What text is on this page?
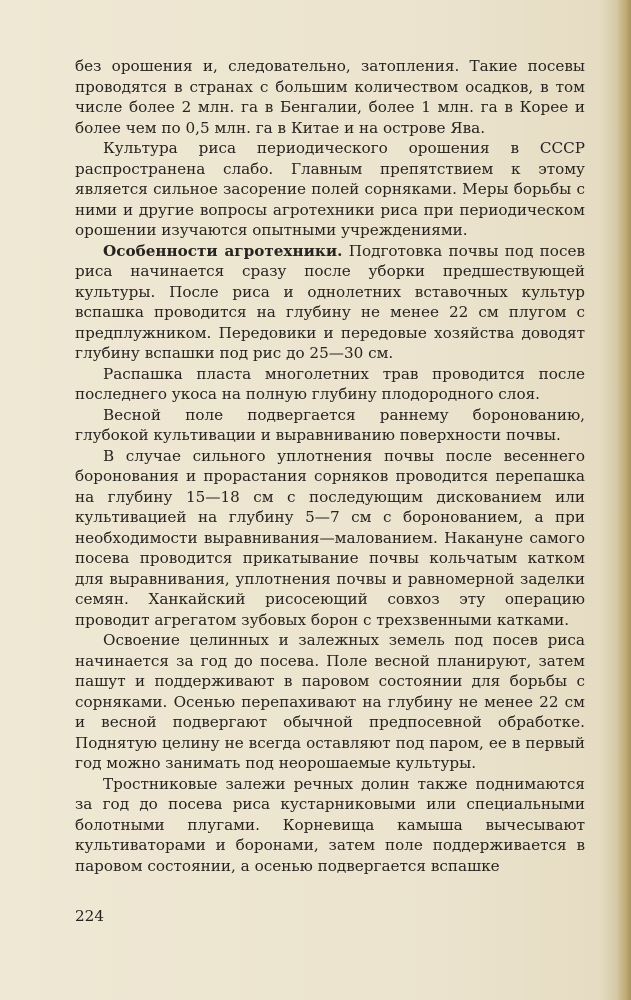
без орошения и, следовательно, затопления. Такие посевы проводятся в странах с большим количеством осадков, в том числе более 2 млн. га в Бенгалии, более 1 млн. га в Корее и более чем по 0,5 млн. га в Китае и на острове Ява.

Культура риса периодического орошения в СССР распространена слабо. Главным препятствием к этому является сильное засорение полей сорняками. Меры борьбы с ними и другие вопросы агротехники риса при периодическом орошении изучаются опытными учреждениями.

Особенности агротехники. Подготовка почвы под посев риса начинается сразу после уборки предшествующей культуры. После риса и однолетних вставочных культур вспашка проводится на глубину не менее 22 см плугом с предплужником. Передовики и передовые хозяйства доводят глубину вспашки под рис до 25—30 см.

Распашка пласта многолетних трав проводится после последнего укоса на полную глубину плодородного слоя.

Весной поле подвергается раннему боронованию, глубокой культивации и выравниванию поверхности почвы.

В случае сильного уплотнения почвы после весеннего боронования и прорастания сорняков проводится перепашка на глубину 15—18 см с последующим дискованием или культивацией на глубину 5—7 см с боронованием, а при необходимости выравнивания—малованием. Накануне самого посева проводится прикатывание почвы кольчатым катком для выравнивания, уплотнения почвы и равномерной заделки семян. Ханкайский рисосеющий совхоз эту операцию проводит агрегатом зубовых борон с трехзвенными катками.

Освоение целинных и залежных земель под посев риса начинается за год до посева. Поле весной планируют, затем пашут и поддерживают в паровом состоянии для борьбы с сорняками. Осенью перепахивают на глубину не менее 22 см и весной подвергают обычной предпосевной обработке. Поднятую целину не всегда оставляют под паром, ее в первый год можно занимать под неорошаемые культуры.

Тростниковые залежи речных долин также поднимаются за год до посева риса кустарниковыми или специальными болотными плугами. Корневища камыша вычесывают культиваторами и боронами, затем поле поддерживается в паровом состоянии, а осенью подвергается вспашке

224
